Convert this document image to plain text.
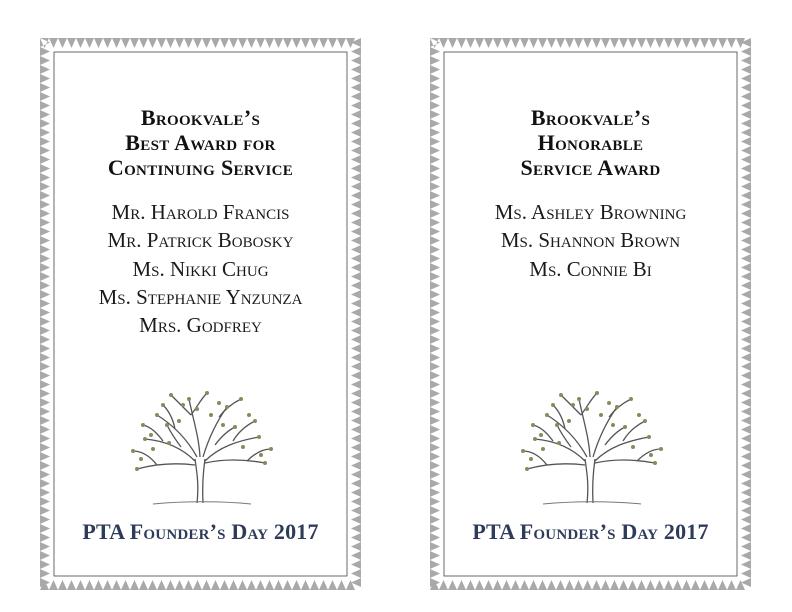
Brookvale’s
Best Award for
Continuing Service
Mr. Harold Francis
Mr. Patrick Bobosky
Ms. Nikki Chug
Ms. Stephanie Ynzunza
Mrs. Godfrey
PTA Founder’s Day 2017
Brookvale’s
Honorable
Service Award
Ms. Ashley Browning
Ms. Shannon Brown
Ms. Connie Bi
PTA Founder’s Day 2017
